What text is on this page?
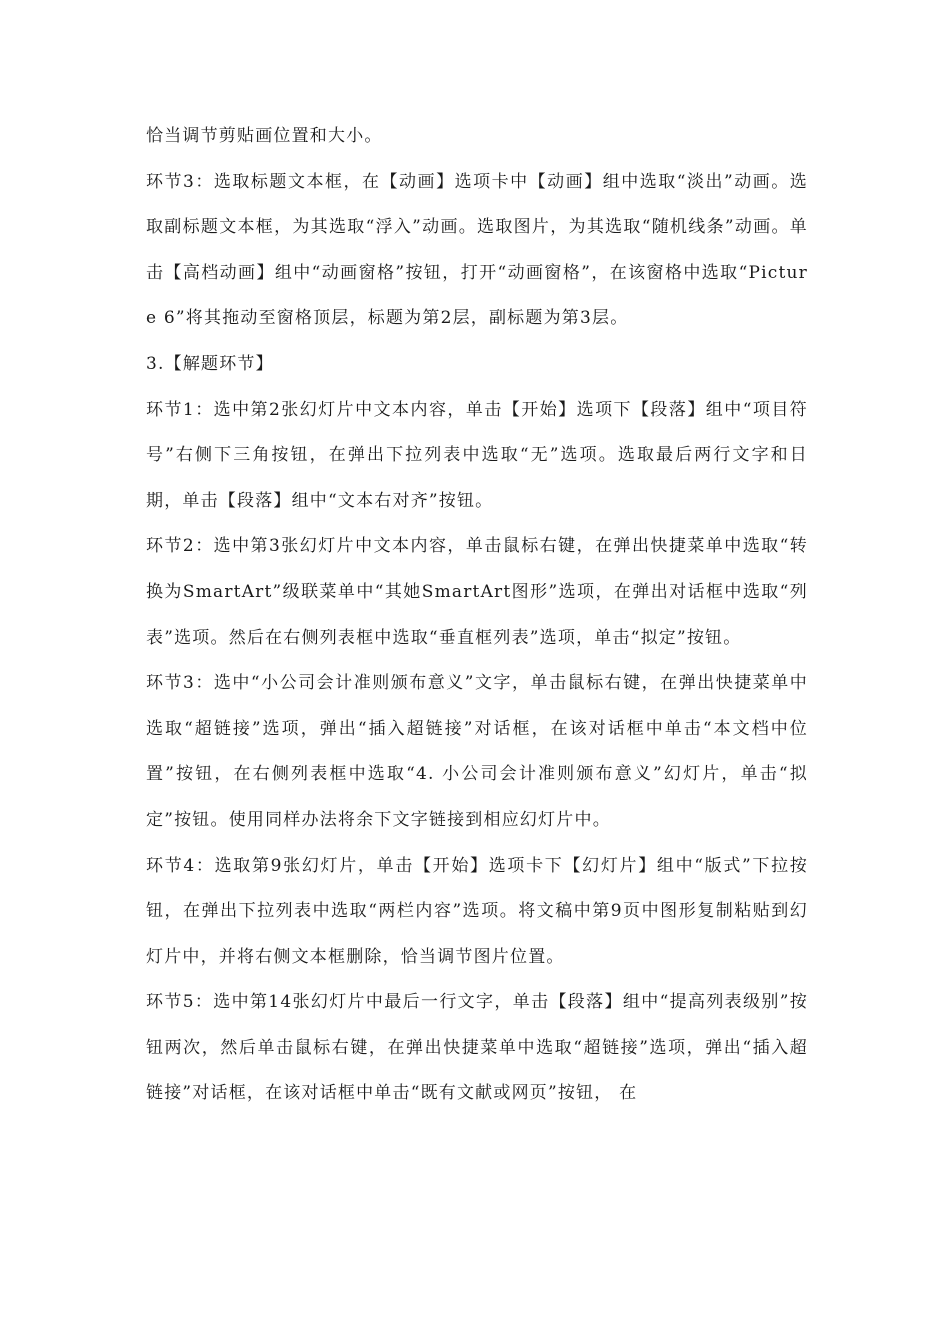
恰当调节剪贴画位置和大小。

环节3：选取标题文本框，在【动画】选项卡中【动画】组中选取“淡出”动画。选取副标题文本框，为其选取“浮入”动画。选取图片，为其选取“随机线条”动画。单击【高档动画】组中“动画窗格”按钮，打开“动画窗格”，在该窗格中选取“Picture 6”将其拖动至窗格顶层，标题为第2层，副标题为第3层。

3.【解题环节】

环节1：选中第2张幻灯片中文本内容，单击【开始】选项下【段落】组中“项目符号”右侧下三角按钮，在弹出下拉列表中选取“无”选项。选取最后两行文字和日期，单击【段落】组中“文本右对齐”按钮。

环节2：选中第3张幻灯片中文本内容，单击鼠标右键，在弹出快捷菜单中选取“转换为SmartArt”级联菜单中“其她SmartArt图形”选项，在弹出对话框中选取“列表”选项。然后在右侧列表框中选取“垂直框列表”选项，单击“拟定”按钮。

环节3：选中“小公司会计准则颁布意义”文字，单击鼠标右键，在弹出快捷菜单中选取“超链接”选项，弹出“插入超链接”对话框，在该对话框中单击“本文档中位置”按钮，在右侧列表框中选取“4. 小公司会计准则颁布意义”幻灯片，单击“拟定”按钮。使用同样办法将余下文字链接到相应幻灯片中。

环节4：选取第9张幻灯片，单击【开始】选项卡下【幻灯片】组中“版式”下拉按钮，在弹出下拉列表中选取“两栏内容”选项。将文稿中第9页中图形复制粘贴到幻灯片中，并将右侧文本框删除，恰当调节图片位置。

环节5：选中第14张幻灯片中最后一行文字，单击【段落】组中“提高列表级别”按钮两次，然后单击鼠标右键，在弹出快捷菜单中选取“超链接”选项，弹出“插入超链接”对话框，在该对话框中单击“既有文献或网页”按钮， 在
